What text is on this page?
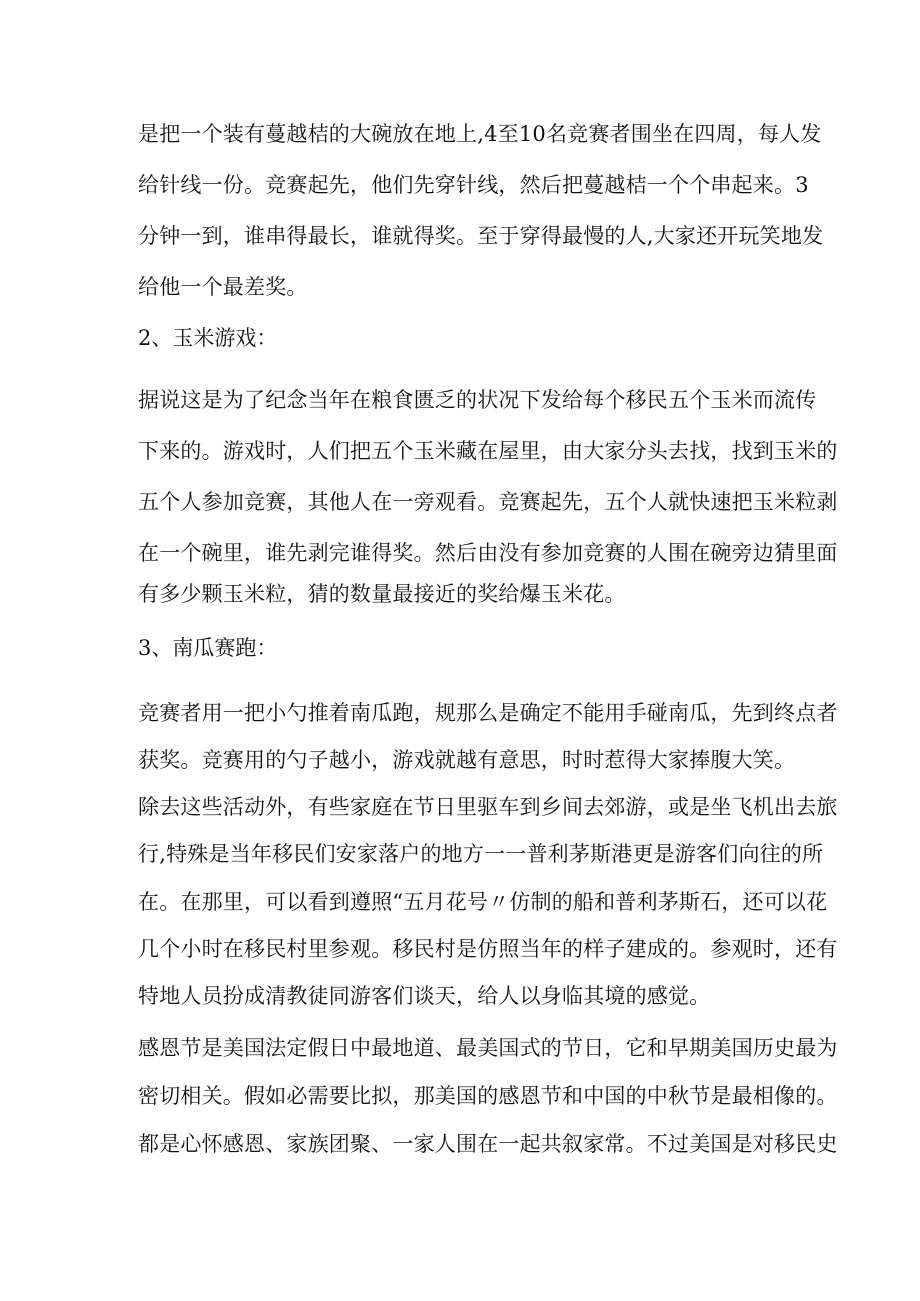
是把一个装有蔓越桔的大碗放在地上,4至10名竞赛者围坐在四周，每人发
给针线一份。竞赛起先，他们先穿针线，然后把蔓越桔一个个串起来。3
分钟一到，谁串得最长，谁就得奖。至于穿得最慢的人,大家还开玩笑地发
给他一个最差奖。
2、玉米游戏：
据说这是为了纪念当年在粮食匮乏的状况下发给每个移民五个玉米而流传
下来的。游戏时，人们把五个玉米藏在屋里，由大家分头去找，找到玉米的
五个人参加竞赛，其他人在一旁观看。竞赛起先，五个人就快速把玉米粒剥
在一个碗里，谁先剥完谁得奖。然后由没有参加竞赛的人围在碗旁边猜里面
有多少颗玉米粒，猜的数量最接近的奖给爆玉米花。
3、南瓜赛跑：
竞赛者用一把小勺推着南瓜跑，规那么是确定不能用手碰南瓜，先到终点者
获奖。竞赛用的勺子越小，游戏就越有意思，时时惹得大家捧腹大笑。
除去这些活动外，有些家庭在节日里驱车到乡间去郊游，或是坐飞机出去旅
行,特殊是当年移民们安家落户的地方一一普利茅斯港更是游客们向往的所
在。在那里，可以看到遵照“五月花号〃仿制的船和普利茅斯石，还可以花
几个小时在移民村里参观。移民村是仿照当年的样子建成的。参观时，还有
特地人员扮成清教徒同游客们谈天，给人以身临其境的感觉。
感恩节是美国法定假日中最地道、最美国式的节日，它和早期美国历史最为
密切相关。假如必需要比拟，那美国的感恩节和中国的中秋节是最相像的。
都是心怀感恩、家族团聚、一家人围在一起共叙家常。不过美国是对移民史
